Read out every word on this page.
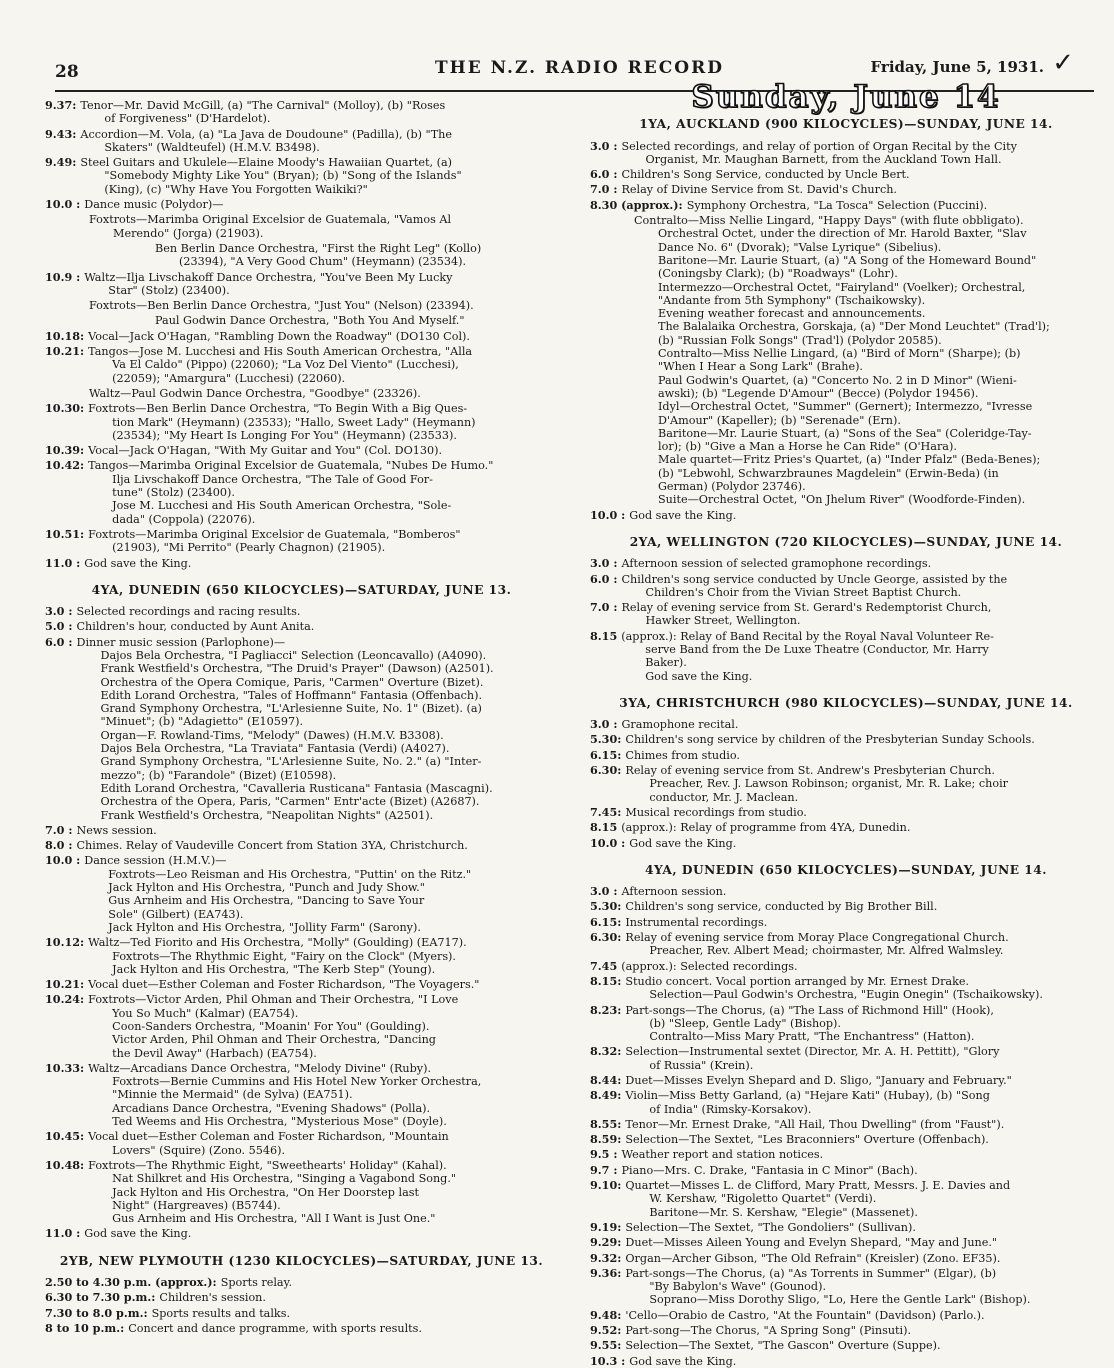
28	THE N.Z. RADIO RECORD	Friday, June 5, 1931. ✓
9.37: Tenor—Mr. David McGill, (a) "The Carnival" (Molloy), (b) "Roses
of Forgiveness" (D'Hardelot).
9.43: Accordion—M. Vola, (a) "La Java de Doudoune" (Padilla), (b) "The
Skaters" (Waldteufel) (H.M.V. B3498).
9.49: Steel Guitars and Ukulele—Elaine Moody's Hawaiian Quartet, (a)
"Somebody Mighty Like You" (Bryan); (b) "Song of the Islands"
(King), (c) "Why Have You Forgotten Waikiki?"
10.0 : Dance music (Polydor)—
Foxtrots—Marimba Original Excelsior de Guatemala, "Vamos Al
Merendo" (Jorga) (21903).
Ben Berlin Dance Orchestra, "First the Right Leg" (Kollo)
(23394), "A Very Good Chum" (Heymann) (23534).
10.9 : Waltz—Ilja Livschakoff Dance Orchestra, "You've Been My Lucky
Star" (Stolz) (23400).
Foxtrots—Ben Berlin Dance Orchestra, "Just You" (Nelson) (23394).
Paul Godwin Dance Orchestra, "Both You And Myself."
10.18: Vocal—Jack O'Hagan, "Rambling Down the Roadway" (DO130 Col).
10.21: Tangos—Jose M. Lucchesi and His South American Orchestra, "Alla
Va El Caldo" (Pippo) (22060); "La Voz Del Viento" (Lucchesi),
(22059); "Amargura" (Lucchesi) (22060).
Waltz—Paul Godwin Dance Orchestra, "Goodbye" (23326).
10.30: Foxtrots—Ben Berlin Dance Orchestra, "To Begin With a Big Ques-
tion Mark" (Heymann) (23533); "Hallo, Sweet Lady" (Heymann)
(23534); "My Heart Is Longing For You" (Heymann) (23533).
10.39: Vocal—Jack O'Hagan, "With My Guitar and You" (Col. DO130).
10.42: Tangos—Marimba Original Excelsior de Guatemala, "Nubes De Humo."
Ilja Livschakoff Dance Orchestra, "The Tale of Good For-
tune" (Stolz) (23400).
Jose M. Lucchesi and His South American Orchestra, "Sole-
dada" (Coppola) (22076).
10.51: Foxtrots—Marimba Original Excelsior de Guatemala, "Bomberos"
(21903), "Mi Perrito" (Pearly Chagnon) (21905).
11.0 : God save the King.
4YA, DUNEDIN (650 KILOCYCLES)—SATURDAY, JUNE 13.
3.0 : Selected recordings and racing results.
5.0 : Children's hour, conducted by Aunt Anita.
6.0 : Dinner music session (Parlophone)—
Dajos Bela Orchestra, "I Pagliacci" Selection (Leoncavallo) (A4090).
Frank Westfield's Orchestra, "The Druid's Prayer" (Dawson) (A2501).
Orchestra of the Opera Comique, Paris, "Carmen" Overture (Bizet).
Edith Lorand Orchestra, "Tales of Hoffmann" Fantasia (Offenbach).
Grand Symphony Orchestra, "L'Arlesienne Suite, No. 1" (Bizet). (a)
"Minuet"; (b) "Adagietto" (E10597).
Organ—F. Rowland-Tims, "Melody" (Dawes) (H.M.V. B3308).
Dajos Bela Orchestra, "La Traviata" Fantasia (Verdi) (A4027).
Grand Symphony Orchestra, "L'Arlesienne Suite, No. 2." (a) "Inter-
mezzo"; (b) "Farandole" (Bizet) (E10598).
Edith Lorand Orchestra, "Cavalleria Rusticana" Fantasia (Mascagni).
Orchestra of the Opera, Paris, "Carmen" Entr'acte (Bizet) (A2687).
Frank Westfield's Orchestra, "Neapolitan Nights" (A2501).
7.0 : News session.
8.0 : Chimes. Relay of Vaudeville Concert from Station 3YA, Christchurch.
10.0 : Dance session (H.M.V.)—
Foxtrots—Leo Reisman and His Orchestra, "Puttin' on the Ritz."
Jack Hylton and His Orchestra, "Punch and Judy Show."
Gus Arnheim and His Orchestra, "Dancing to Save Your
Sole" (Gilbert) (EA743).
Jack Hylton and His Orchestra, "Jollity Farm" (Sarony).
10.12: Waltz—Ted Fiorito and His Orchestra, "Molly" (Goulding) (EA717).
Foxtrots—The Rhythmic Eight, "Fairy on the Clock" (Myers).
Jack Hylton and His Orchestra, "The Kerb Step" (Young).
10.21: Vocal duet—Esther Coleman and Foster Richardson, "The Voyagers."
10.24: Foxtrots—Victor Arden, Phil Ohman and Their Orchestra, "I Love
You So Much" (Kalmar) (EA754).
Coon-Sanders Orchestra, "Moanin' For You" (Goulding).
Victor Arden, Phil Ohman and Their Orchestra, "Dancing
the Devil Away" (Harbach) (EA754).
10.33: Waltz—Arcadians Dance Orchestra, "Melody Divine" (Ruby).
Foxtrots—Bernie Cummins and His Hotel New Yorker Orchestra,
"Minnie the Mermaid" (de Sylva) (EA751).
Arcadians Dance Orchestra, "Evening Shadows" (Polla).
Ted Weems and His Orchestra, "Mysterious Mose" (Doyle).
10.45: Vocal duet—Esther Coleman and Foster Richardson, "Mountain
Lovers" (Squire) (Zono. 5546).
10.48: Foxtrots—The Rhythmic Eight, "Sweethearts' Holiday" (Kahal).
Nat Shilkret and His Orchestra, "Singing a Vagabond Song."
Jack Hylton and His Orchestra, "On Her Doorstep last
Night" (Hargreaves) (B5744).
Gus Arnheim and His Orchestra, "All I Want is Just One."
11.0 : God save the King.
2YB, NEW PLYMOUTH (1230 KILOCYCLES)—SATURDAY, JUNE 13.
2.50 to 4.30 p.m. (approx.): Sports relay.
6.30 to 7.30 p.m.: Children's session.
7.30 to 8.0 p.m.: Sports results and talks.
8 to 10 p.m.: Concert and dance programme, with sports results.
Sunday, June 14
1YA, AUCKLAND (900 KILOCYCLES)—SUNDAY, JUNE 14.
3.0 : Selected recordings, and relay of portion of Organ Recital by the City
Organist, Mr. Maughan Barnett, from the Auckland Town Hall.
6.0 : Children's Song Service, conducted by Uncle Bert.
7.0 : Relay of Divine Service from St. David's Church.
8.30 (approx.): Symphony Orchestra, "La Tosca" Selection (Puccini).
Contralto—Miss Nellie Lingard, "Happy Days" (with flute obbligato).
Orchestral Octet, under the direction of Mr. Harold Baxter, "Slav
Dance No. 6" (Dvorak); "Valse Lyrique" (Sibelius).
Baritone—Mr. Laurie Stuart, (a) "A Song of the Homeward Bound"
(Coningsby Clark); (b) "Roadways" (Lohr).
Intermezzo—Orchestral Octet, "Fairyland" (Voelker); Orchestral,
"Andante from 5th Symphony" (Tschaikowsky).
Evening weather forecast and announcements.
The Balalaika Orchestra, Gorskaja, (a) "Der Mond Leuchtet" (Trad'l);
(b) "Russian Folk Songs" (Trad'l) (Polydor 20585).
Contralto—Miss Nellie Lingard, (a) "Bird of Morn" (Sharpe); (b)
"When I Hear a Song Lark" (Brahe).
Paul Godwin's Quartet, (a) "Concerto No. 2 in D Minor" (Wieni-
awski); (b) "Legende D'Amour" (Becce) (Polydor 19456).
Idyl—Orchestral Octet, "Summer" (Gernert); Intermezzo, "Ivresse
D'Amour" (Kapeller); (b) "Serenade" (Ern).
Baritone—Mr. Laurie Stuart, (a) "Sons of the Sea" (Coleridge-Tay-
lor); (b) "Give a Man a Horse he Can Ride" (O'Hara).
Male quartet—Fritz Pries's Quartet, (a) "Inder Pfalz" (Beda-Benes);
(b) "Lebwohl, Schwarzbraunes Magdelein" (Erwin-Beda) (in
German) (Polydor 23746).
Suite—Orchestral Octet, "On Jhelum River" (Woodforde-Finden).
10.0 : God save the King.
2YA, WELLINGTON (720 KILOCYCLES)—SUNDAY, JUNE 14.
3.0 : Afternoon session of selected gramophone recordings.
6.0 : Children's song service conducted by Uncle George, assisted by the
Children's Choir from the Vivian Street Baptist Church.
7.0 : Relay of evening service from St. Gerard's Redemptorist Church,
Hawker Street, Wellington.
8.15 (approx.): Relay of Band Recital by the Royal Naval Volunteer Re-
serve Band from the De Luxe Theatre (Conductor, Mr. Harry
Baker).
God save the King.
3YA, CHRISTCHURCH (980 KILOCYCLES)—SUNDAY, JUNE 14.
3.0 : Gramophone recital.
5.30: Children's song service by children of the Presbyterian Sunday Schools.
6.15: Chimes from studio.
6.30: Relay of evening service from St. Andrew's Presbyterian Church.
Preacher, Rev. J. Lawson Robinson; organist, Mr. R. Lake; choir
conductor, Mr. J. Maclean.
7.45: Musical recordings from studio.
8.15 (approx.): Relay of programme from 4YA, Dunedin.
10.0 : God save the King.
4YA, DUNEDIN (650 KILOCYCLES)—SUNDAY, JUNE 14.
3.0 : Afternoon session.
5.30: Children's song service, conducted by Big Brother Bill.
6.15: Instrumental recordings.
6.30: Relay of evening service from Moray Place Congregational Church.
Preacher, Rev. Albert Mead; choirmaster, Mr. Alfred Walmsley.
7.45 (approx.): Selected recordings.
8.15: Studio concert. Vocal portion arranged by Mr. Ernest Drake.
Selection—Paul Godwin's Orchestra, "Eugin Onegin" (Tschaikowsky).
8.23: Part-songs—The Chorus, (a) "The Lass of Richmond Hill" (Hook),
(b) "Sleep, Gentle Lady" (Bishop).
Contralto—Miss Mary Pratt, "The Enchantress" (Hatton).
8.32: Selection—Instrumental sextet (Director, Mr. A. H. Pettitt), "Glory
of Russia" (Krein).
8.44: Duet—Misses Evelyn Shepard and D. Sligo, "January and February."
8.49: Violin—Miss Betty Garland, (a) "Hejare Kati" (Hubay), (b) "Song
of India" (Rimsky-Korsakov).
8.55: Tenor—Mr. Ernest Drake, "All Hail, Thou Dwelling" (from "Faust").
8.59: Selection—The Sextet, "Les Braconniers" Overture (Offenbach).
9.5 : Weather report and station notices.
9.7 : Piano—Mrs. C. Drake, "Fantasia in C Minor" (Bach).
9.10: Quartet—Misses L. de Clifford, Mary Pratt, Messrs. J. E. Davies and
W. Kershaw, "Rigoletto Quartet" (Verdi).
Baritone—Mr. S. Kershaw, "Elegie" (Massenet).
9.19: Selection—The Sextet, "The Gondoliers" (Sullivan).
9.29: Duet—Misses Aileen Young and Evelyn Shepard, "May and June."
9.32: Organ—Archer Gibson, "The Old Refrain" (Kreisler) (Zono. EF35).
9.36: Part-songs—The Chorus, (a) "As Torrents in Summer" (Elgar), (b)
"By Babylon's Wave" (Gounod).
Soprano—Miss Dorothy Sligo, "Lo, Here the Gentle Lark" (Bishop).
9.48: 'Cello—Orabio de Castro, "At the Fountain" (Davidson) (Parlo.).
9.52: Part-song—The Chorus, "A Spring Song" (Pinsuti).
9.55: Selection—The Sextet, "The Gascon" Overture (Suppe).
10.3 : God save the King.
